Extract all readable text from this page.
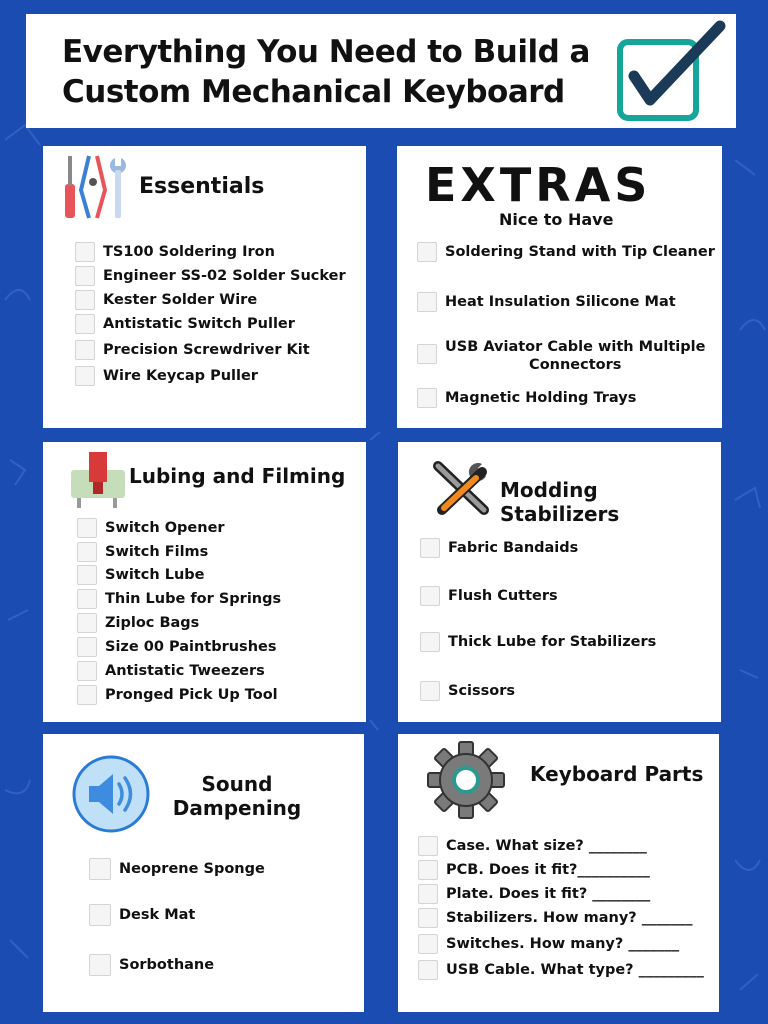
Everything You Need to Build a
Custom Mechanical Keyboard
Essentials
TS100 Soldering Iron
Engineer SS-02 Solder Sucker
Kester Solder Wire
Antistatic Switch Puller
Precision Screwdriver Kit
Wire Keycap Puller
EXTRAS
Nice to Have
Soldering Stand with Tip Cleaner
Heat Insulation Silicone Mat
USB Aviator Cable with Multiple
Connectors
Magnetic Holding Trays
Lubing and Filming
Switch Opener
Switch Films
Switch Lube
Thin Lube for Springs
Ziploc Bags
Size 00 Paintbrushes
Antistatic Tweezers
Pronged Pick Up Tool
Modding Stabilizers
Fabric Bandaids
Flush Cutters
Thick Lube for Stabilizers
Scissors
Sound
Dampening
Neoprene Sponge
Desk Mat
Sorbothane
Keyboard Parts
Case. What size? ________
PCB. Does it fit?__________
Plate. Does it fit? ________
Stabilizers. How many? _______
Switches. How many? _______
USB Cable. What type? _________
